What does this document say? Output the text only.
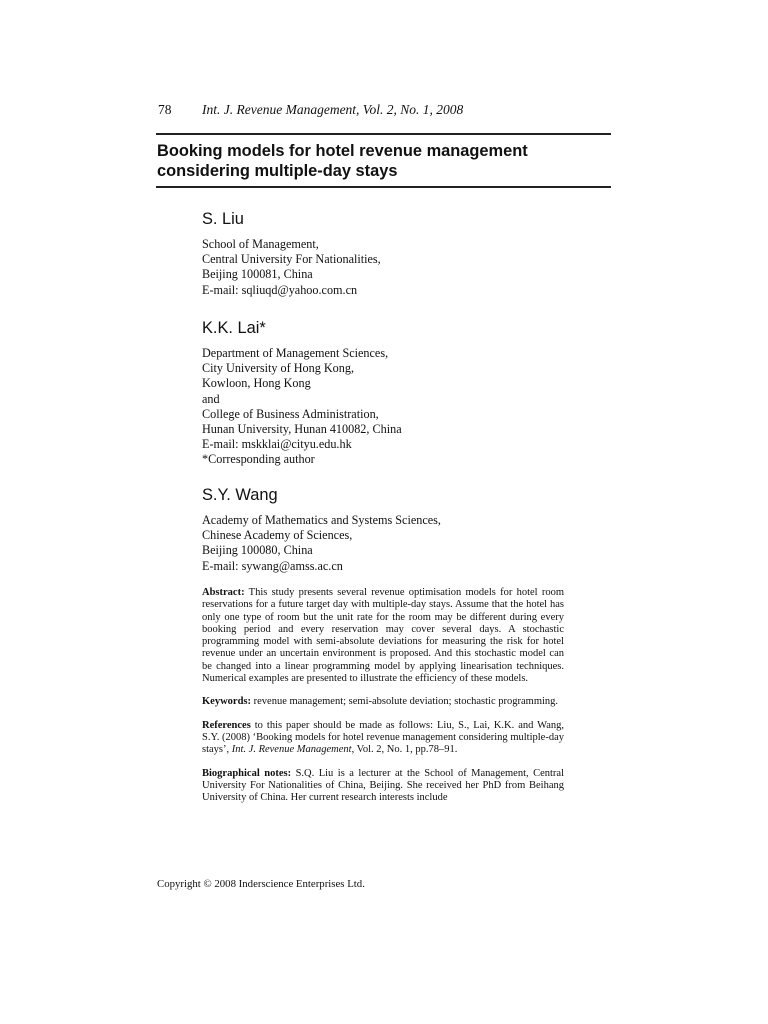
78 Int. J. Revenue Management, Vol. 2, No. 1, 2008
Booking models for hotel revenue management
considering multiple-day stays
S. Liu
School of Management,
Central University For Nationalities,
Beijing 100081, China
E-mail: sqliuqd@yahoo.com.cn
K.K. Lai*
Department of Management Sciences,
City University of Hong Kong,
Kowloon, Hong Kong
and
College of Business Administration,
Hunan University, Hunan 410082, China
E-mail: mskklai@cityu.edu.hk
*Corresponding author
S.Y. Wang
Academy of Mathematics and Systems Sciences,
Chinese Academy of Sciences,
Beijing 100080, China
E-mail: sywang@amss.ac.cn

Abstract: This study presents several revenue optimisation models for hotel room reservations for a future target day with multiple-day stays. Assume that the hotel has only one type of room but the unit rate for the room may be different during every booking period and every reservation may cover several days. A stochastic programming model with semi-absolute deviations for measuring the risk for hotel revenue under an uncertain environment is proposed. And this stochastic model can be changed into a linear programming model by applying linearisation techniques. Numerical examples are presented to illustrate the efficiency of these models.

Keywords: revenue management; semi-absolute deviation; stochastic programming.

References to this paper should be made as follows: Liu, S., Lai, K.K. and Wang, S.Y. (2008) ‘Booking models for hotel revenue management considering multiple-day stays’, Int. J. Revenue Management, Vol. 2, No. 1, pp.78–91.

Biographical notes: S.Q. Liu is a lecturer at the School of Management, Central University For Nationalities of China, Beijing. She received her PhD from Beihang University of China. Her current research interests include

Copyright © 2008 Inderscience Enterprises Ltd.
